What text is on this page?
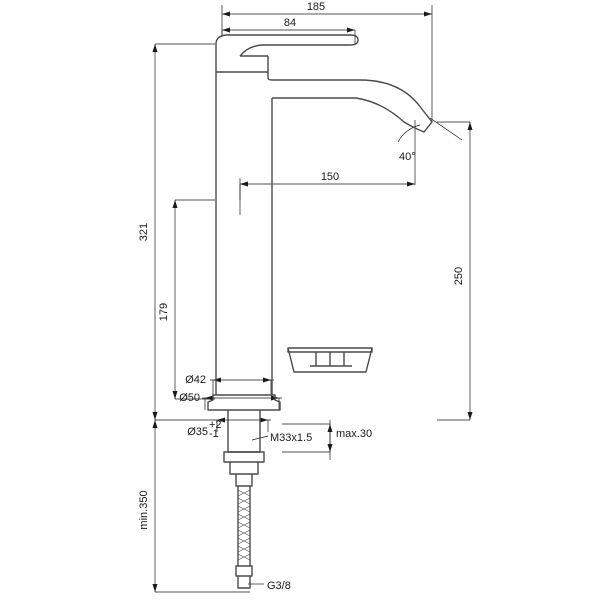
185
84
150
40°
321
179
250
min.350
Ø42
Ø50
Ø35
+2
-1	M33x1.5 max.30
G3/8
